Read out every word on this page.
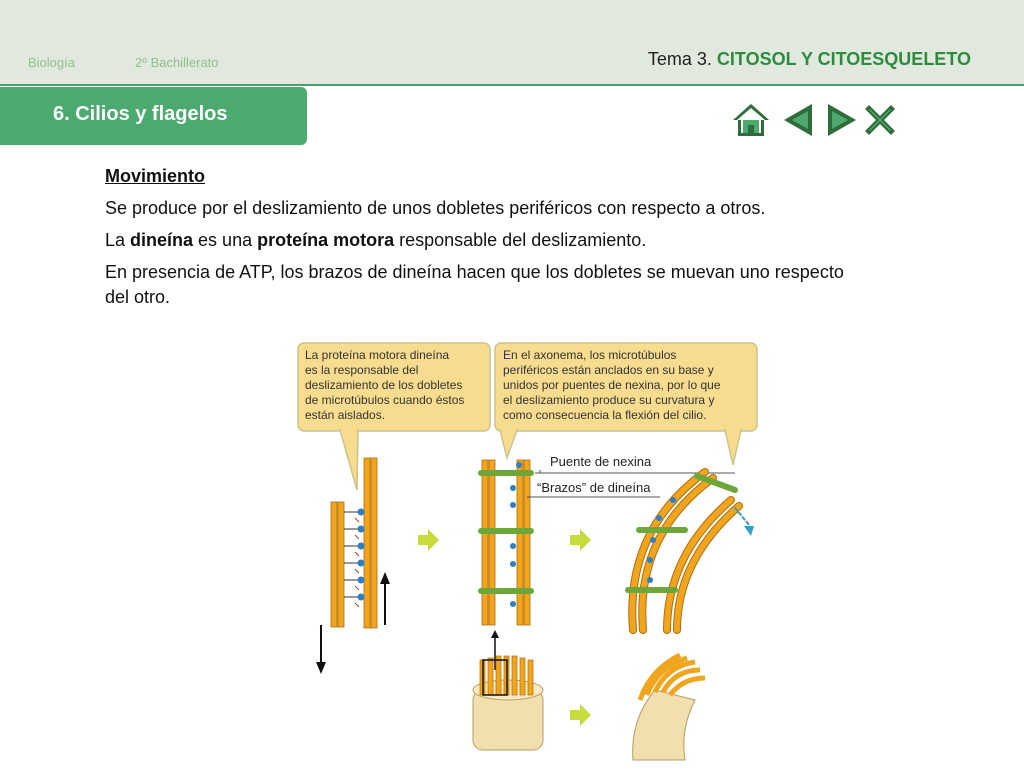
Biología	2º Bachillerato	Tema 3. CITOSOL Y CITOESQUELETO
6. Cilios y flagelos
Movimiento

Se produce por el deslizamiento de unos dobletes periféricos con respecto a otros.

La dineína es una proteína motora responsable del deslizamiento.

En presencia de ATP, los brazos de dineína hacen que los dobletes se muevan uno respecto del otro.

La proteína motora dineína
es la responsable del
deslizamiento de los dobletes
de microtúbulos cuando éstos
están aislados.
En el axonema, los microtúbulos
periféricos están anclados en su base y
unidos por puentes de nexina, por lo que
el deslizamiento produce su curvatura y
como consecuencia la flexión del cilio.
Puente de nexina
“Brazos” de dineína
